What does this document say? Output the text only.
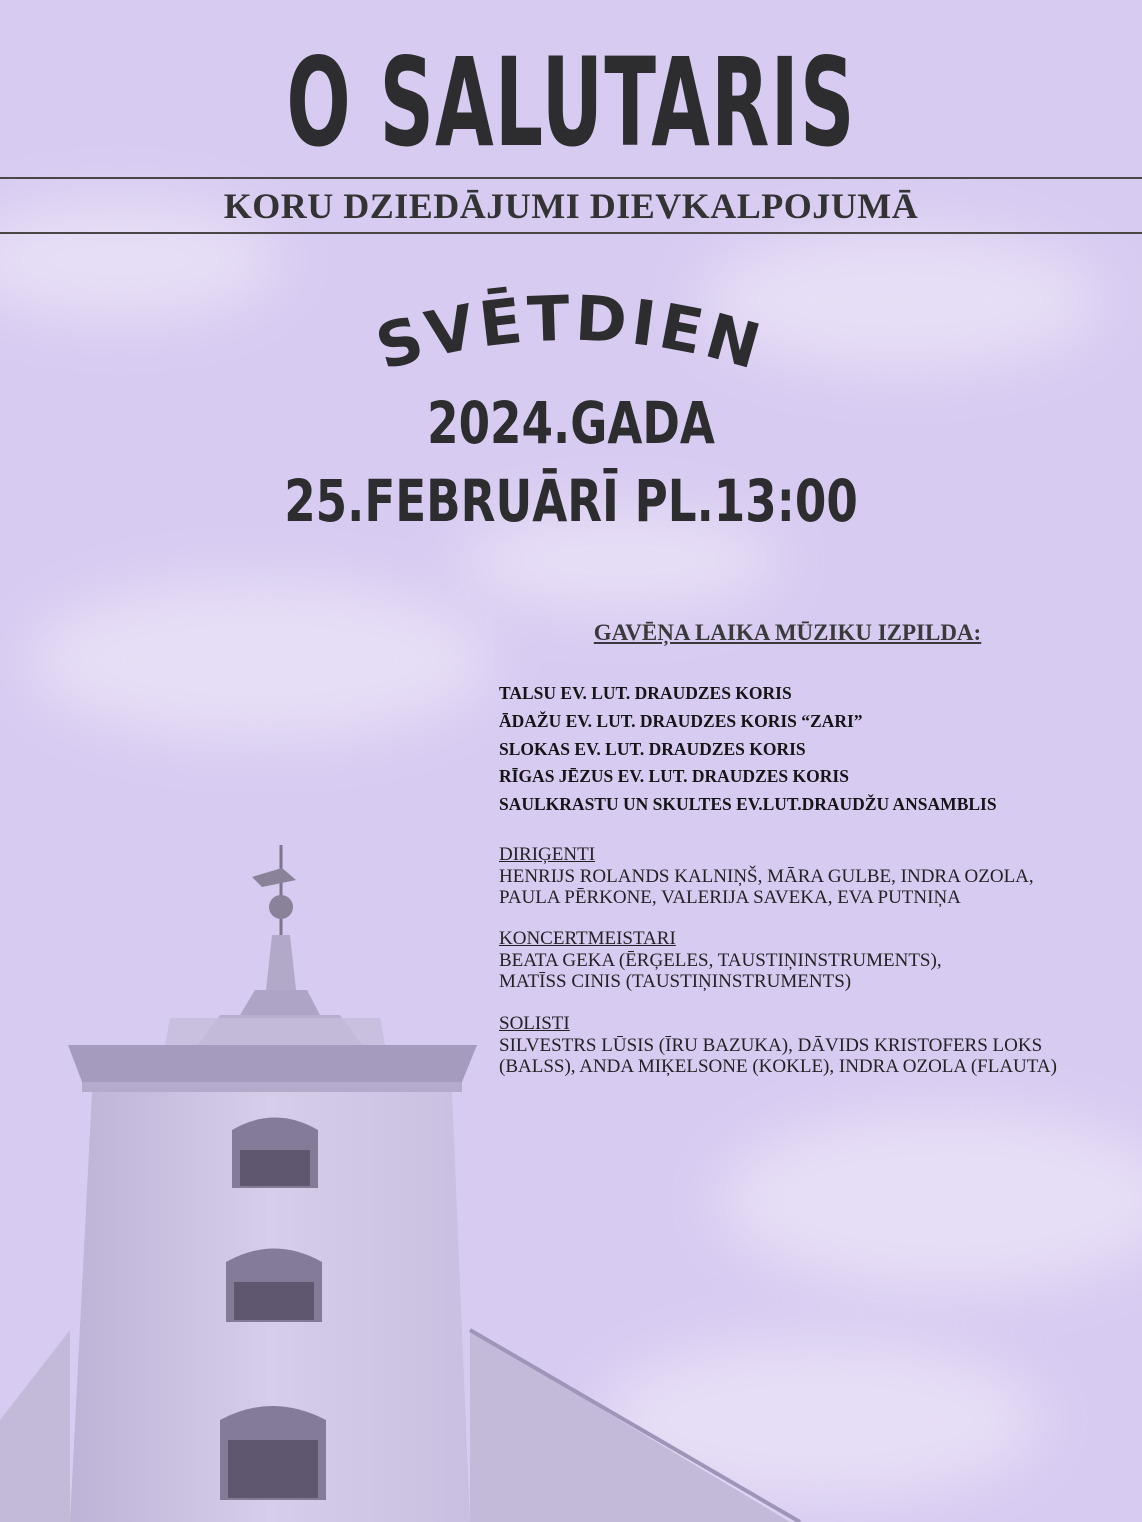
O SALUTARIS
KORU DZIEDĀJUMI DIEVKALPOJUMĀ
SVĒTDIEN
2024.GADA
25.FEBRUĀRĪ PL.13:00
GAVĒŅA LAIKA MŪZIKU IZPILDA:
TALSU EV. LUT. DRAUDZES KORIS
ĀDAŽU EV. LUT. DRAUDZES KORIS “ZARI”
SLOKAS EV. LUT. DRAUDZES KORIS
RĪGAS JĒZUS EV. LUT. DRAUDZES KORIS
SAULKRASTU UN SKULTES EV.LUT.DRAUDŽU ANSAMBLIS
DIRIĢENTI
HENRIJS ROLANDS KALNIŅŠ, MĀRA GULBE, INDRA OZOLA,
PAULA PĒRKONE, VALERIJA SAVEKA, EVA PUTNIŅA
KONCERTMEISTARI
BEATA GEKA (ĒRĢELES, TAUSTIŅINSTRUMENTS),
MATĪSS CINIS (TAUSTIŅINSTRUMENTS)
SOLISTI
SILVESTRS LŪSIS (ĪRU BAZUKA), DĀVIDS KRISTOFERS LOKS
(BALSS), ANDA MIĶELSONE (KOKLE), INDRA OZOLA (FLAUTA)
